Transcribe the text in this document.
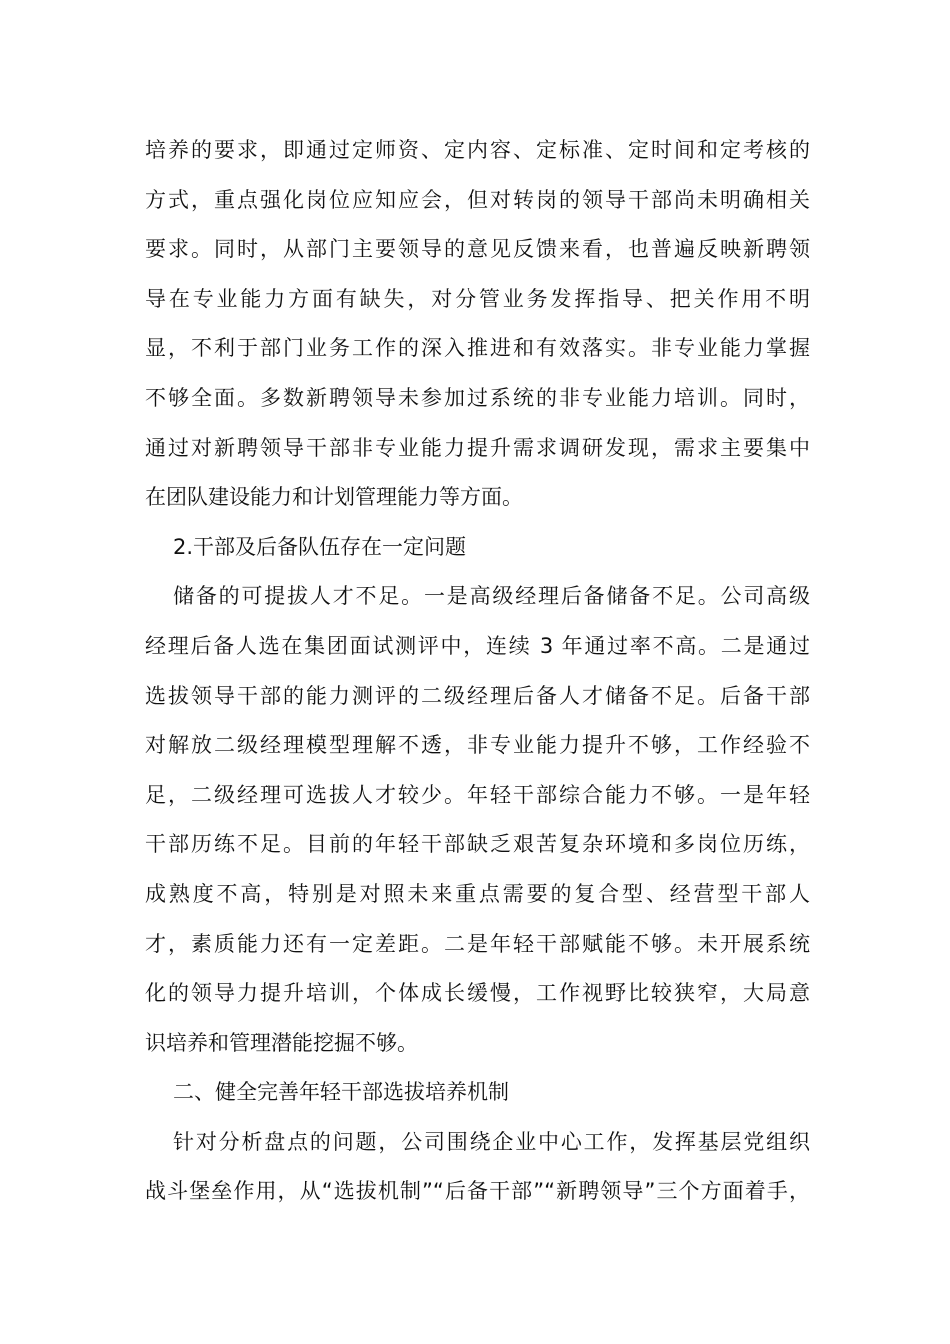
培养的要求，即通过定师资、定内容、定标准、定时间和定考核的
方式，重点强化岗位应知应会，但对转岗的领导干部尚未明确相关
要求。同时，从部门主要领导的意见反馈来看，也普遍反映新聘领
导在专业能力方面有缺失，对分管业务发挥指导、把关作用不明
显，不利于部门业务工作的深入推进和有效落实。非专业能力掌握
不够全面。多数新聘领导未参加过系统的非专业能力培训。同时，
通过对新聘领导干部非专业能力提升需求调研发现，需求主要集中
在团队建设能力和计划管理能力等方面。
2.干部及后备队伍存在一定问题
储备的可提拔人才不足。一是高级经理后备储备不足。公司高级
经理后备人选在集团面试测评中，连续 3 年通过率不高。二是通过
选拔领导干部的能力测评的二级经理后备人才储备不足。后备干部
对解放二级经理模型理解不透，非专业能力提升不够，工作经验不
足，二级经理可选拔人才较少。年轻干部综合能力不够。一是年轻
干部历练不足。目前的年轻干部缺乏艰苦复杂环境和多岗位历练，
成熟度不高，特别是对照未来重点需要的复合型、经营型干部人
才，素质能力还有一定差距。二是年轻干部赋能不够。未开展系统
化的领导力提升培训，个体成长缓慢，工作视野比较狭窄，大局意
识培养和管理潜能挖掘不够。
二、健全完善年轻干部选拔培养机制
针对分析盘点的问题，公司围绕企业中心工作，发挥基层党组织
战斗堡垒作用，从“选拔机制”“后备干部”“新聘领导”三个方面着手，
